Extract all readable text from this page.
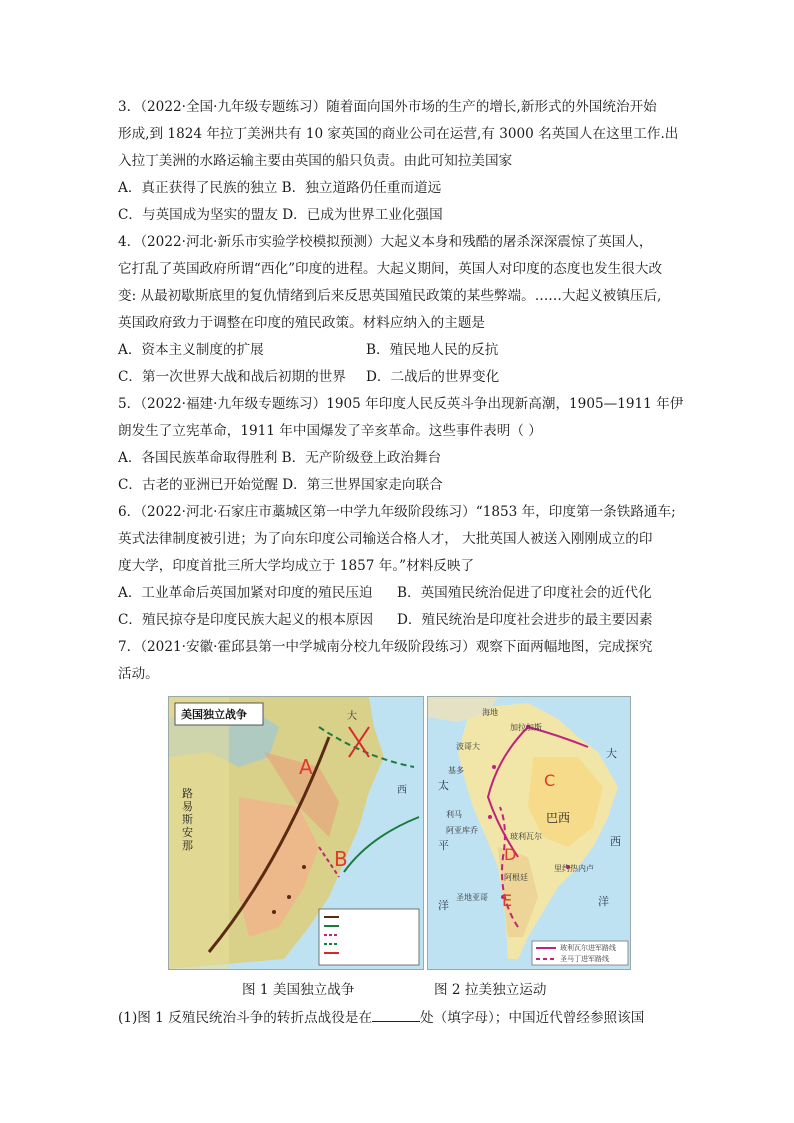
3．（2022·全国·九年级专题练习）随着面向国外市场的生产的增长,新形式的外国统治开始
形成,到 1824 年拉丁美洲共有 10 家英国的商业公司在运营,有 3000 名英国人在这里工作.出
入拉丁美洲的水路运输主要由英国的船只负责。由此可知拉美国家
A．真正获得了民族的独立 B．独立道路仍任重而道远
C．与英国成为坚实的盟友 D．已成为世界工业化强国
4．（2022·河北·新乐市实验学校模拟预测）大起义本身和残酷的屠杀深深震惊了英国人，
它打乱了英国政府所谓“西化”印度的进程。大起义期间，英国人对印度的态度也发生很大改
变: 从最初歇斯底里的复仇情绪到后来反思英国殖民政策的某些弊端。……大起义被镇压后,
英国政府致力于调整在印度的殖民政策。材料应纳入的主题是
A．资本主义制度的扩展	B．殖民地人民的反抗
C．第一次世界大战和战后初期的世界 D．二战后的世界变化
5．（2022·福建·九年级专题练习）1905 年印度人民反英斗争出现新高潮，1905—1911 年伊
朗发生了立宪革命，1911 年中国爆发了辛亥革命。这些事件表明（ ）
A．各国民族革命取得胜利 B．无产阶级登上政治舞台
C．古老的亚洲已开始觉醒 D．第三世界国家走向联合
6．（2022·河北·石家庄市藁城区第一中学九年级阶段练习）“1853 年，印度第一条铁路通车;
英式法律制度被引进；为了向东印度公司输送合格人才， 大批英国人被送入刚刚成立的印
度大学，印度首批三所大学均成立于 1857 年。”材料反映了
A．工业革命后英国加紧对印度的殖民压迫 B．英国殖民统治促进了印度社会的近代化
C．殖民掠夺是印度民族大起义的根本原因 D．殖民统治是印度社会进步的最主要因素
7．（2021·安徽·霍邱县第一中学城南分校九年级阶段练习）观察下面两幅地图，完成探究
活动。
美国独立战争
路易斯安那
大
西
A
B
海地
加拉加斯
波哥大
基多
利马
阿亚库乔
玻利瓦尔
巴西
里约热内卢
阿根廷
圣地亚哥
太
平
洋
大
西
洋
C
D
E
玻利瓦尔进军路线
圣马丁进军路线
图 1 美国独立战争	图 2 拉美独立运动
(1)图 1 反殖民统治斗争的转折点战役是在	处（填字母）；中国近代曾经参照该国
